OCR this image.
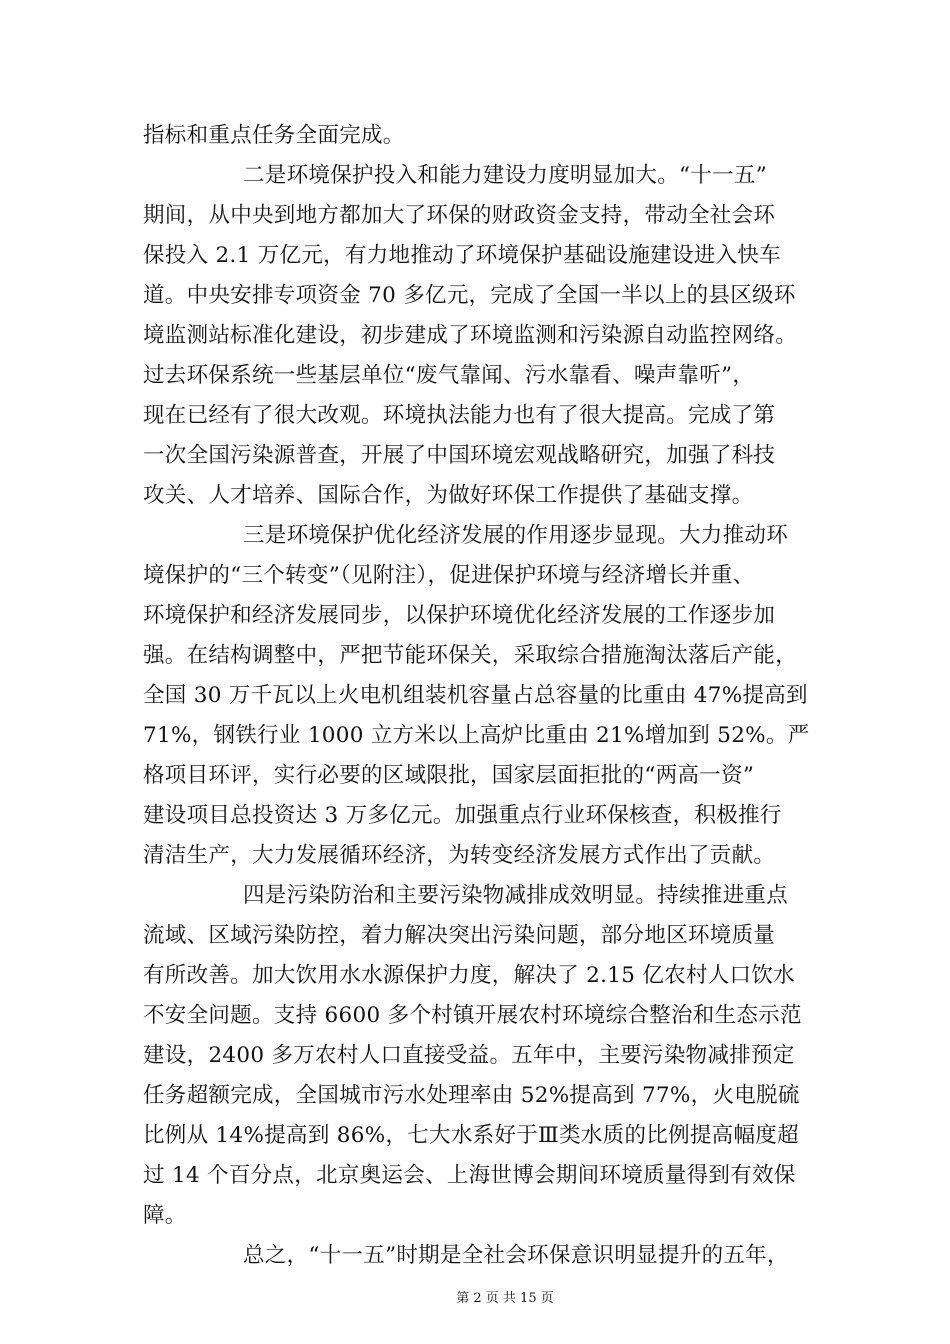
指标和重点任务全面完成。
二是环境保护投入和能力建设力度明显加大。“十一五”
期间，从中央到地方都加大了环保的财政资金支持，带动全社会环
保投入 2.1 万亿元，有力地推动了环境保护基础设施建设进入快车
道。中央安排专项资金 70 多亿元，完成了全国一半以上的县区级环
境监测站标准化建设，初步建成了环境监测和污染源自动监控网络。
过去环保系统一些基层单位“废气靠闻、污水靠看、噪声靠听”，
现在已经有了很大改观。环境执法能力也有了很大提高。完成了第
一次全国污染源普查，开展了中国环境宏观战略研究，加强了科技
攻关、人才培养、国际合作，为做好环保工作提供了基础支撑。
三是环境保护优化经济发展的作用逐步显现。大力推动环
境保护的“三个转变”（见附注），促进保护环境与经济增长并重、
环境保护和经济发展同步，以保护环境优化经济发展的工作逐步加
强。在结构调整中，严把节能环保关，采取综合措施淘汰落后产能，
全国 30 万千瓦以上火电机组装机容量占总容量的比重由 47%提高到
71%，钢铁行业 1000 立方米以上高炉比重由 21%增加到 52%。严
格项目环评，实行必要的区域限批，国家层面拒批的“两高一资”
建设项目总投资达 3 万多亿元。加强重点行业环保核查，积极推行
清洁生产，大力发展循环经济，为转变经济发展方式作出了贡献。
四是污染防治和主要污染物减排成效明显。持续推进重点
流域、区域污染防控，着力解决突出污染问题，部分地区环境质量
有所改善。加大饮用水水源保护力度，解决了 2.15 亿农村人口饮水
不安全问题。支持 6600 多个村镇开展农村环境综合整治和生态示范
建设，2400 多万农村人口直接受益。五年中，主要污染物减排预定
任务超额完成，全国城市污水处理率由 52%提高到 77%，火电脱硫
比例从 14%提高到 86%，七大水系好于Ⅲ类水质的比例提高幅度超
过 14 个百分点，北京奥运会、上海世博会期间环境质量得到有效保
障。
总之，“十一五”时期是全社会环保意识明显提升的五年，
第 2 页 共 15 页
